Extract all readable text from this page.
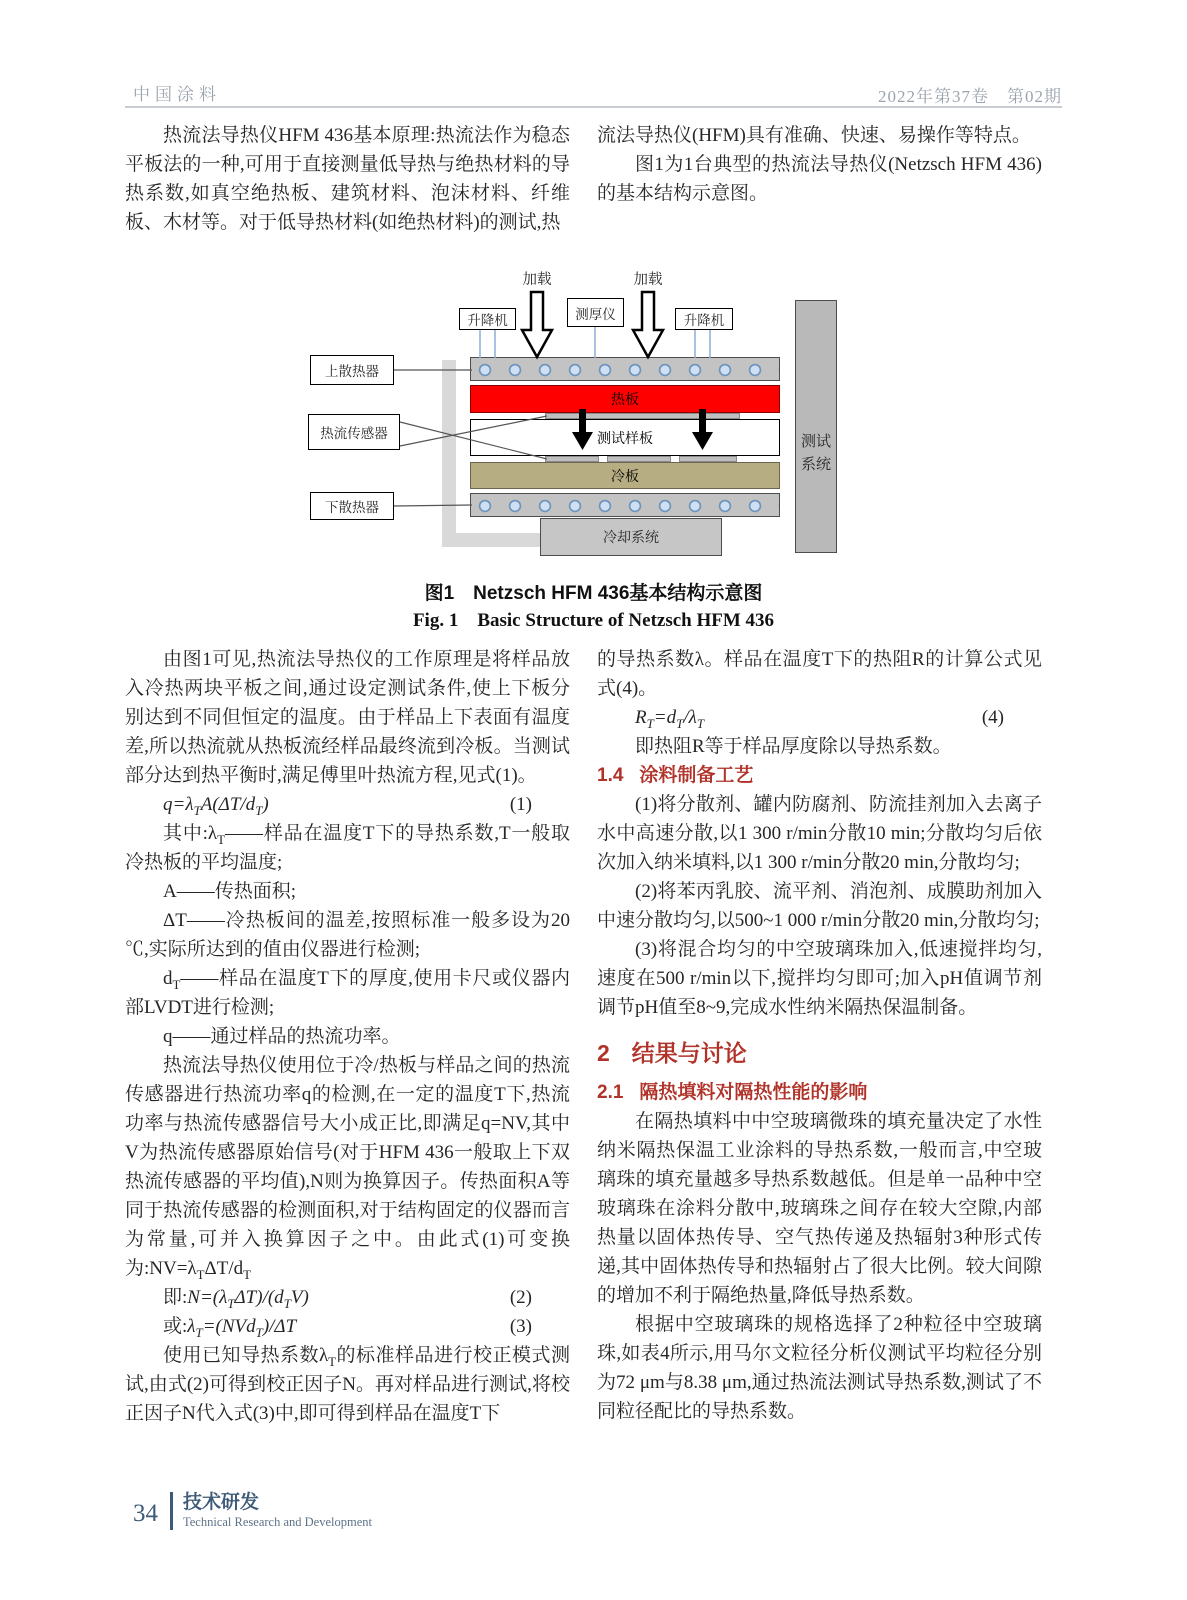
中国涂料	2022年第37卷　第02期

热流法导热仪HFM 436基本原理:热流法作为稳态平板法的一种,可用于直接测量低导热与绝热材料的导热系数,如真空绝热板、建筑材料、泡沫材料、纤维板、木材等。对于低导热材料(如绝热材料)的测试,热

流法导热仪(HFM)具有准确、快速、易操作等特点。

图1为1台典型的热流法导热仪(Netzsch HFM 436)的基本结构示意图。

热板
测试样板
冷板
冷却系统
测试
系统
上散热器
热流传感器
下散热器
升降机	测厚仪	升降机
加载	加载
图1　Netzsch HFM 436基本结构示意图
Fig. 1　Basic Structure of Netzsch HFM 436

由图1可见,热流法导热仪的工作原理是将样品放入冷热两块平板之间,通过设定测试条件,使上下板分别达到不同但恒定的温度。由于样品上下表面有温度差,所以热流就从热板流经样品最终流到冷板。当测试部分达到热平衡时,满足傅里叶热流方程,见式(1)。

$q=\lambda_TA(\Delta T/d_T)$	(1)

其中$:\lambda_T——$样品在温度T下的导热系数,T一般取冷热板的平均温度;

A——传热面积;

ΔT——冷热板间的温差,按照标准一般多设为20 ℃,实际所达到的值由仪器进行检测;

$d_T——$样品在温度T下的厚度,使用卡尺或仪器内部LVDT进行检测;

q——通过样品的热流功率。

热流法导热仪使用位于冷/热板与样品之间的热流传感器进行热流功率q的检测,在一定的温度T下,热流功率与热流传感器信号大小成正比,即满足q=NV,其中V为热流传感器原始信号(对于HFM 436一般取上下双热流传感器的平均值),N则为换算因子。传热面积A等同于热流传感器的检测面积,对于结构固定的仪器而言为常量,可并入换算因子之中。由此式(1)可变换为$:NV=\lambda_T\Delta T/d_T$

即$:N=(\lambda_T\Delta T)/(d_TV)$	(2)

或$:\lambda_T=(NVd_T)/\Delta T$	(3)

使用已知导热系数$\lambda_T$的标准样品进行校正模式测试,由式(2)可得到校正因子N。再对样品进行测试,将校正因子N代入式(3)中,即可得到样品在温度T下

的导热系数λ。样品在温度T下的热阻R的计算公式见式(4)。

$R_T=d_T/\lambda_T$	(4)

即热阻R等于样品厚度除以导热系数。

1.4 涂料制备工艺

(1)将分散剂、罐内防腐剂、防流挂剂加入去离子水中高速分散,以1 300 r/min分散10 min;分散均匀后依次加入纳米填料,以1 300 r/min分散20 min,分散均匀;

(2)将苯丙乳胶、流平剂、消泡剂、成膜助剂加入中速分散均匀,以500~1 000 r/min分散20 min,分散均匀;

(3)将混合均匀的中空玻璃珠加入,低速搅拌均匀,速度在500 r/min以下,搅拌均匀即可;加入pH值调节剂调节pH值至8~9,完成水性纳米隔热保温制备。

2 结果与讨论
2.1 隔热填料对隔热性能的影响

在隔热填料中中空玻璃微珠的填充量决定了水性纳米隔热保温工业涂料的导热系数,一般而言,中空玻璃珠的填充量越多导热系数越低。但是单一品种中空玻璃珠在涂料分散中,玻璃珠之间存在较大空隙,内部热量以固体热传导、空气热传递及热辐射3种形式传递,其中固体热传导和热辐射占了很大比例。较大间隙的增加不利于隔绝热量,降低导热系数。

根据中空玻璃珠的规格选择了2种粒径中空玻璃珠,如表4所示,用马尔文粒径分析仪测试平均粒径分别为72 μm与8.38 μm,通过热流法测试导热系数,测试了不同粒径配比的导热系数。

34 技术研发
Technical Research and Development
